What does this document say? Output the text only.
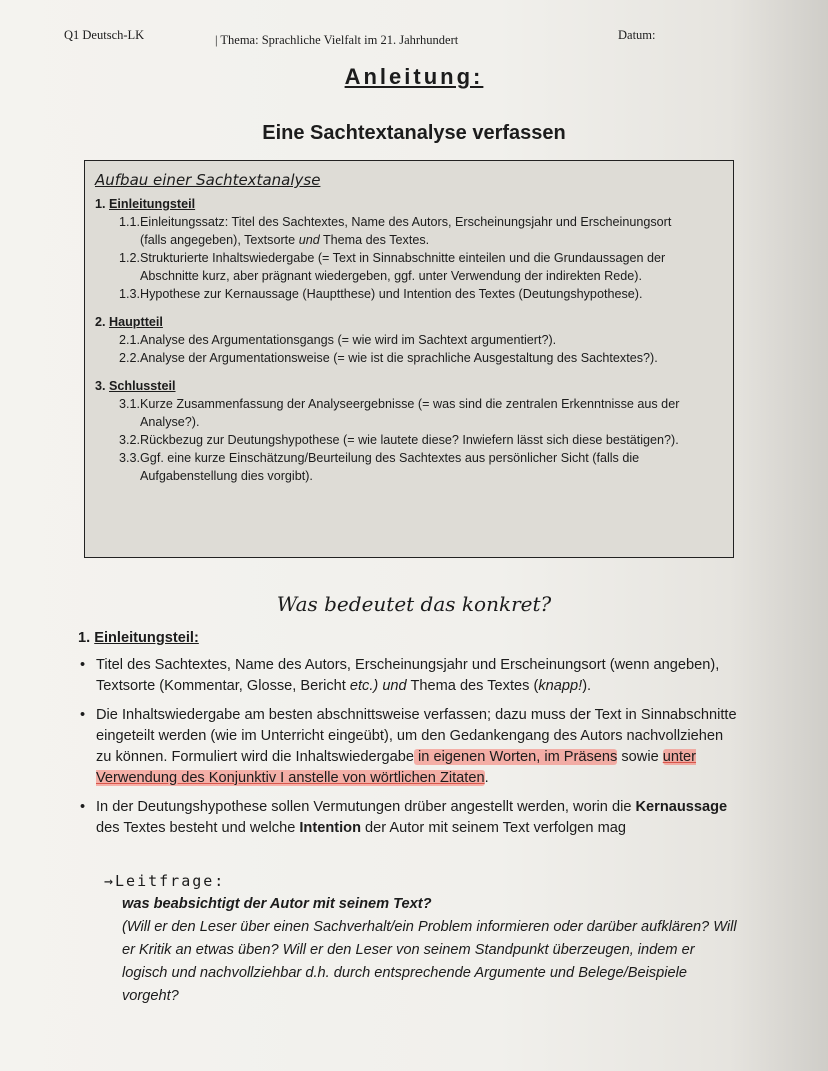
Q1 Deutsch-LK	| Thema: Sprachliche Vielfalt im 21. Jahrhundert	Datum:
Anleitung:
Eine Sachtextanalyse verfassen
Aufbau einer Sachtextanalyse
1. Einleitungsteil
1.1.Einleitungssatz: Titel des Sachtextes, Name des Autors, Erscheinungsjahr und Erscheinungsort
(falls angegeben), Textsorte und Thema des Textes.
1.2.Strukturierte Inhaltswiedergabe (= Text in Sinnabschnitte einteilen und die Grundaussagen der
Abschnitte kurz, aber prägnant wiedergeben, ggf. unter Verwendung der indirekten Rede).
1.3.Hypothese zur Kernaussage (Hauptthese) und Intention des Textes (Deutungshypothese).
2. Hauptteil
2.1.Analyse des Argumentationsgangs (= wie wird im Sachtext argumentiert?).
2.2.Analyse der Argumentationsweise (= wie ist die sprachliche Ausgestaltung des Sachtextes?).
3. Schlussteil
3.1.Kurze Zusammenfassung der Analyseergebnisse (= was sind die zentralen Erkenntnisse aus der
Analyse?).
3.2.Rückbezug zur Deutungshypothese (= wie lautete diese? Inwiefern lässt sich diese bestätigen?).
3.3.Ggf. eine kurze Einschätzung/Beurteilung des Sachtextes aus persönlicher Sicht (falls die
Aufgabenstellung dies vorgibt).
Was bedeutet das konkret?
1. Einleitungsteil:
• Titel des Sachtextes, Name des Autors, Erscheinungsjahr und Erscheinungsort (wenn angeben), Textsorte (Kommentar, Glosse, Bericht etc.) und Thema des Textes (knapp!).
• Die Inhaltswiedergabe am besten abschnittsweise verfassen; dazu muss der Text in Sinnabschnitte eingeteilt werden (wie im Unterricht eingeübt), um den Gedankengang des Autors nachvollziehen zu können. Formuliert wird die Inhaltswiedergabe in eigenen Worten, im Präsens sowie unter Verwendung des Konjunktiv I anstelle von wörtlichen Zitaten.
• In der Deutungshypothese sollen Vermutungen drüber angestellt werden, worin die Kernaussage des Textes besteht und welche Intention der Autor mit seinem Text verfolgen mag
→Leitfrage:
was beabsichtigt der Autor mit seinem Text?
(Will er den Leser über einen Sachverhalt/ein Problem informieren oder darüber aufklären? Will er Kritik an etwas üben? Will er den Leser von seinem Standpunkt überzeugen, indem er logisch und nachvollziehbar d.h. durch entsprechende Argumente und Belege/Beispiele vorgeht?
